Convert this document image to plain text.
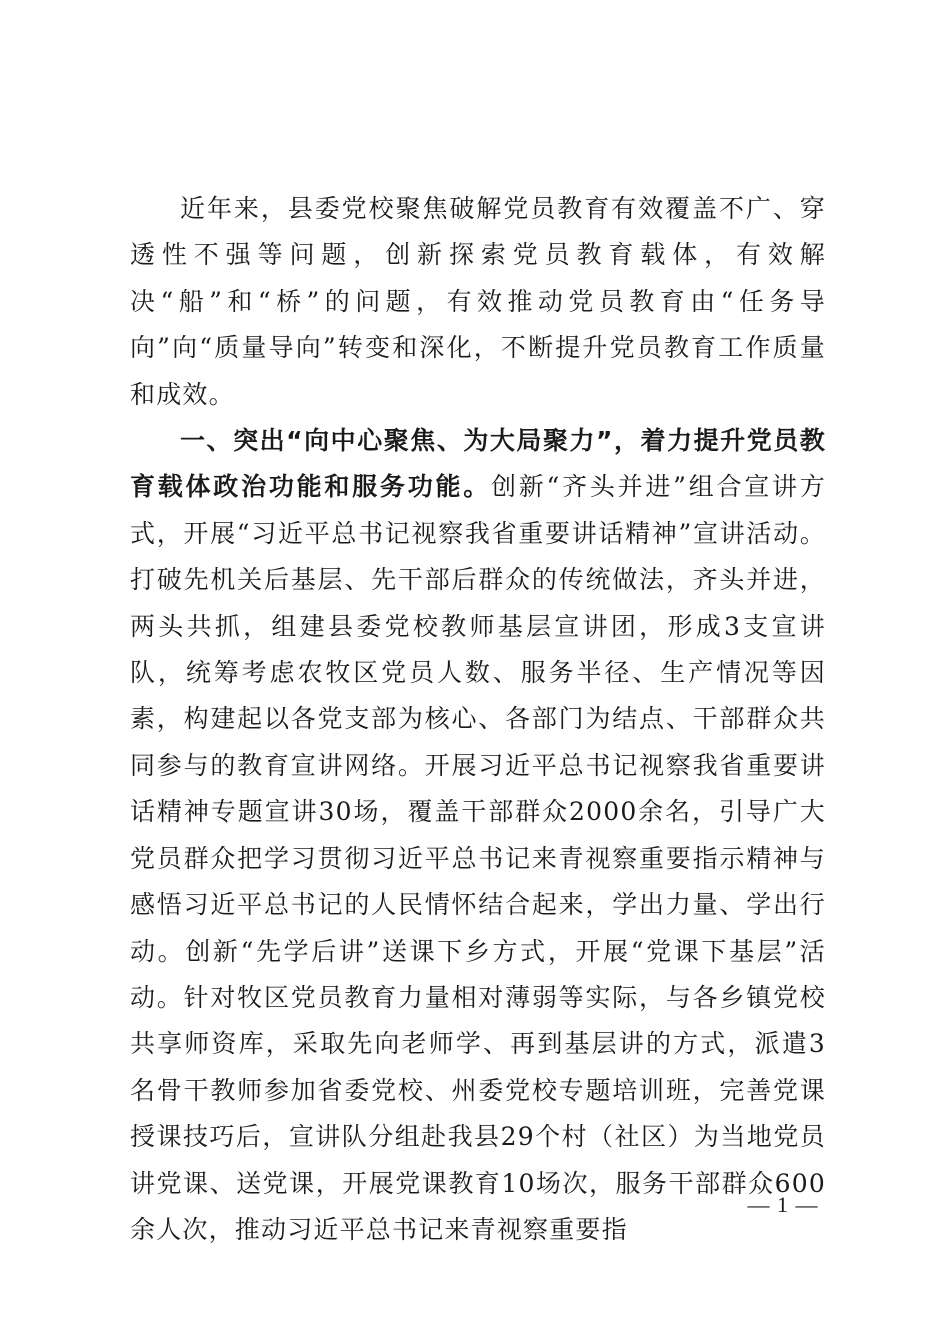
近年来，县委党校聚焦破解党员教育有效覆盖不广、穿透性不强等问题，创新探索党员教育载体，有效解决“船”和“桥”的问题，有效推动党员教育由“任务导向”向“质量导向”转变和深化，不断提升党员教育工作质量和成效。

一、突出“向中心聚焦、为大局聚力”，着力提升党员教育载体政治功能和服务功能。创新“齐头并进”组合宣讲方式，开展“习近平总书记视察我省重要讲话精神”宣讲活动。打破先机关后基层、先干部后群众的传统做法，齐头并进，两头共抓，组建县委党校教师基层宣讲团，形成3支宣讲队，统筹考虑农牧区党员人数、服务半径、生产情况等因素，构建起以各党支部为核心、各部门为结点、干部群众共同参与的教育宣讲网络。开展习近平总书记视察我省重要讲话精神专题宣讲30场，覆盖干部群众2000余名，引导广大党员群众把学习贯彻习近平总书记来青视察重要指示精神与感悟习近平总书记的人民情怀结合起来，学出力量、学出行动。创新“先学后讲”送课下乡方式，开展“党课下基层”活动。针对牧区党员教育力量相对薄弱等实际，与各乡镇党校共享师资库，采取先向老师学、再到基层讲的方式，派遣3名骨干教师参加省委党校、州委党校专题培训班，完善党课授课技巧后，宣讲队分组赴我县29个村（社区）为当地党员讲党课、送党课，开展党课教育10场次，服务干部群众600余人次，推动习近平总书记来青视察重要指

— 1 —
